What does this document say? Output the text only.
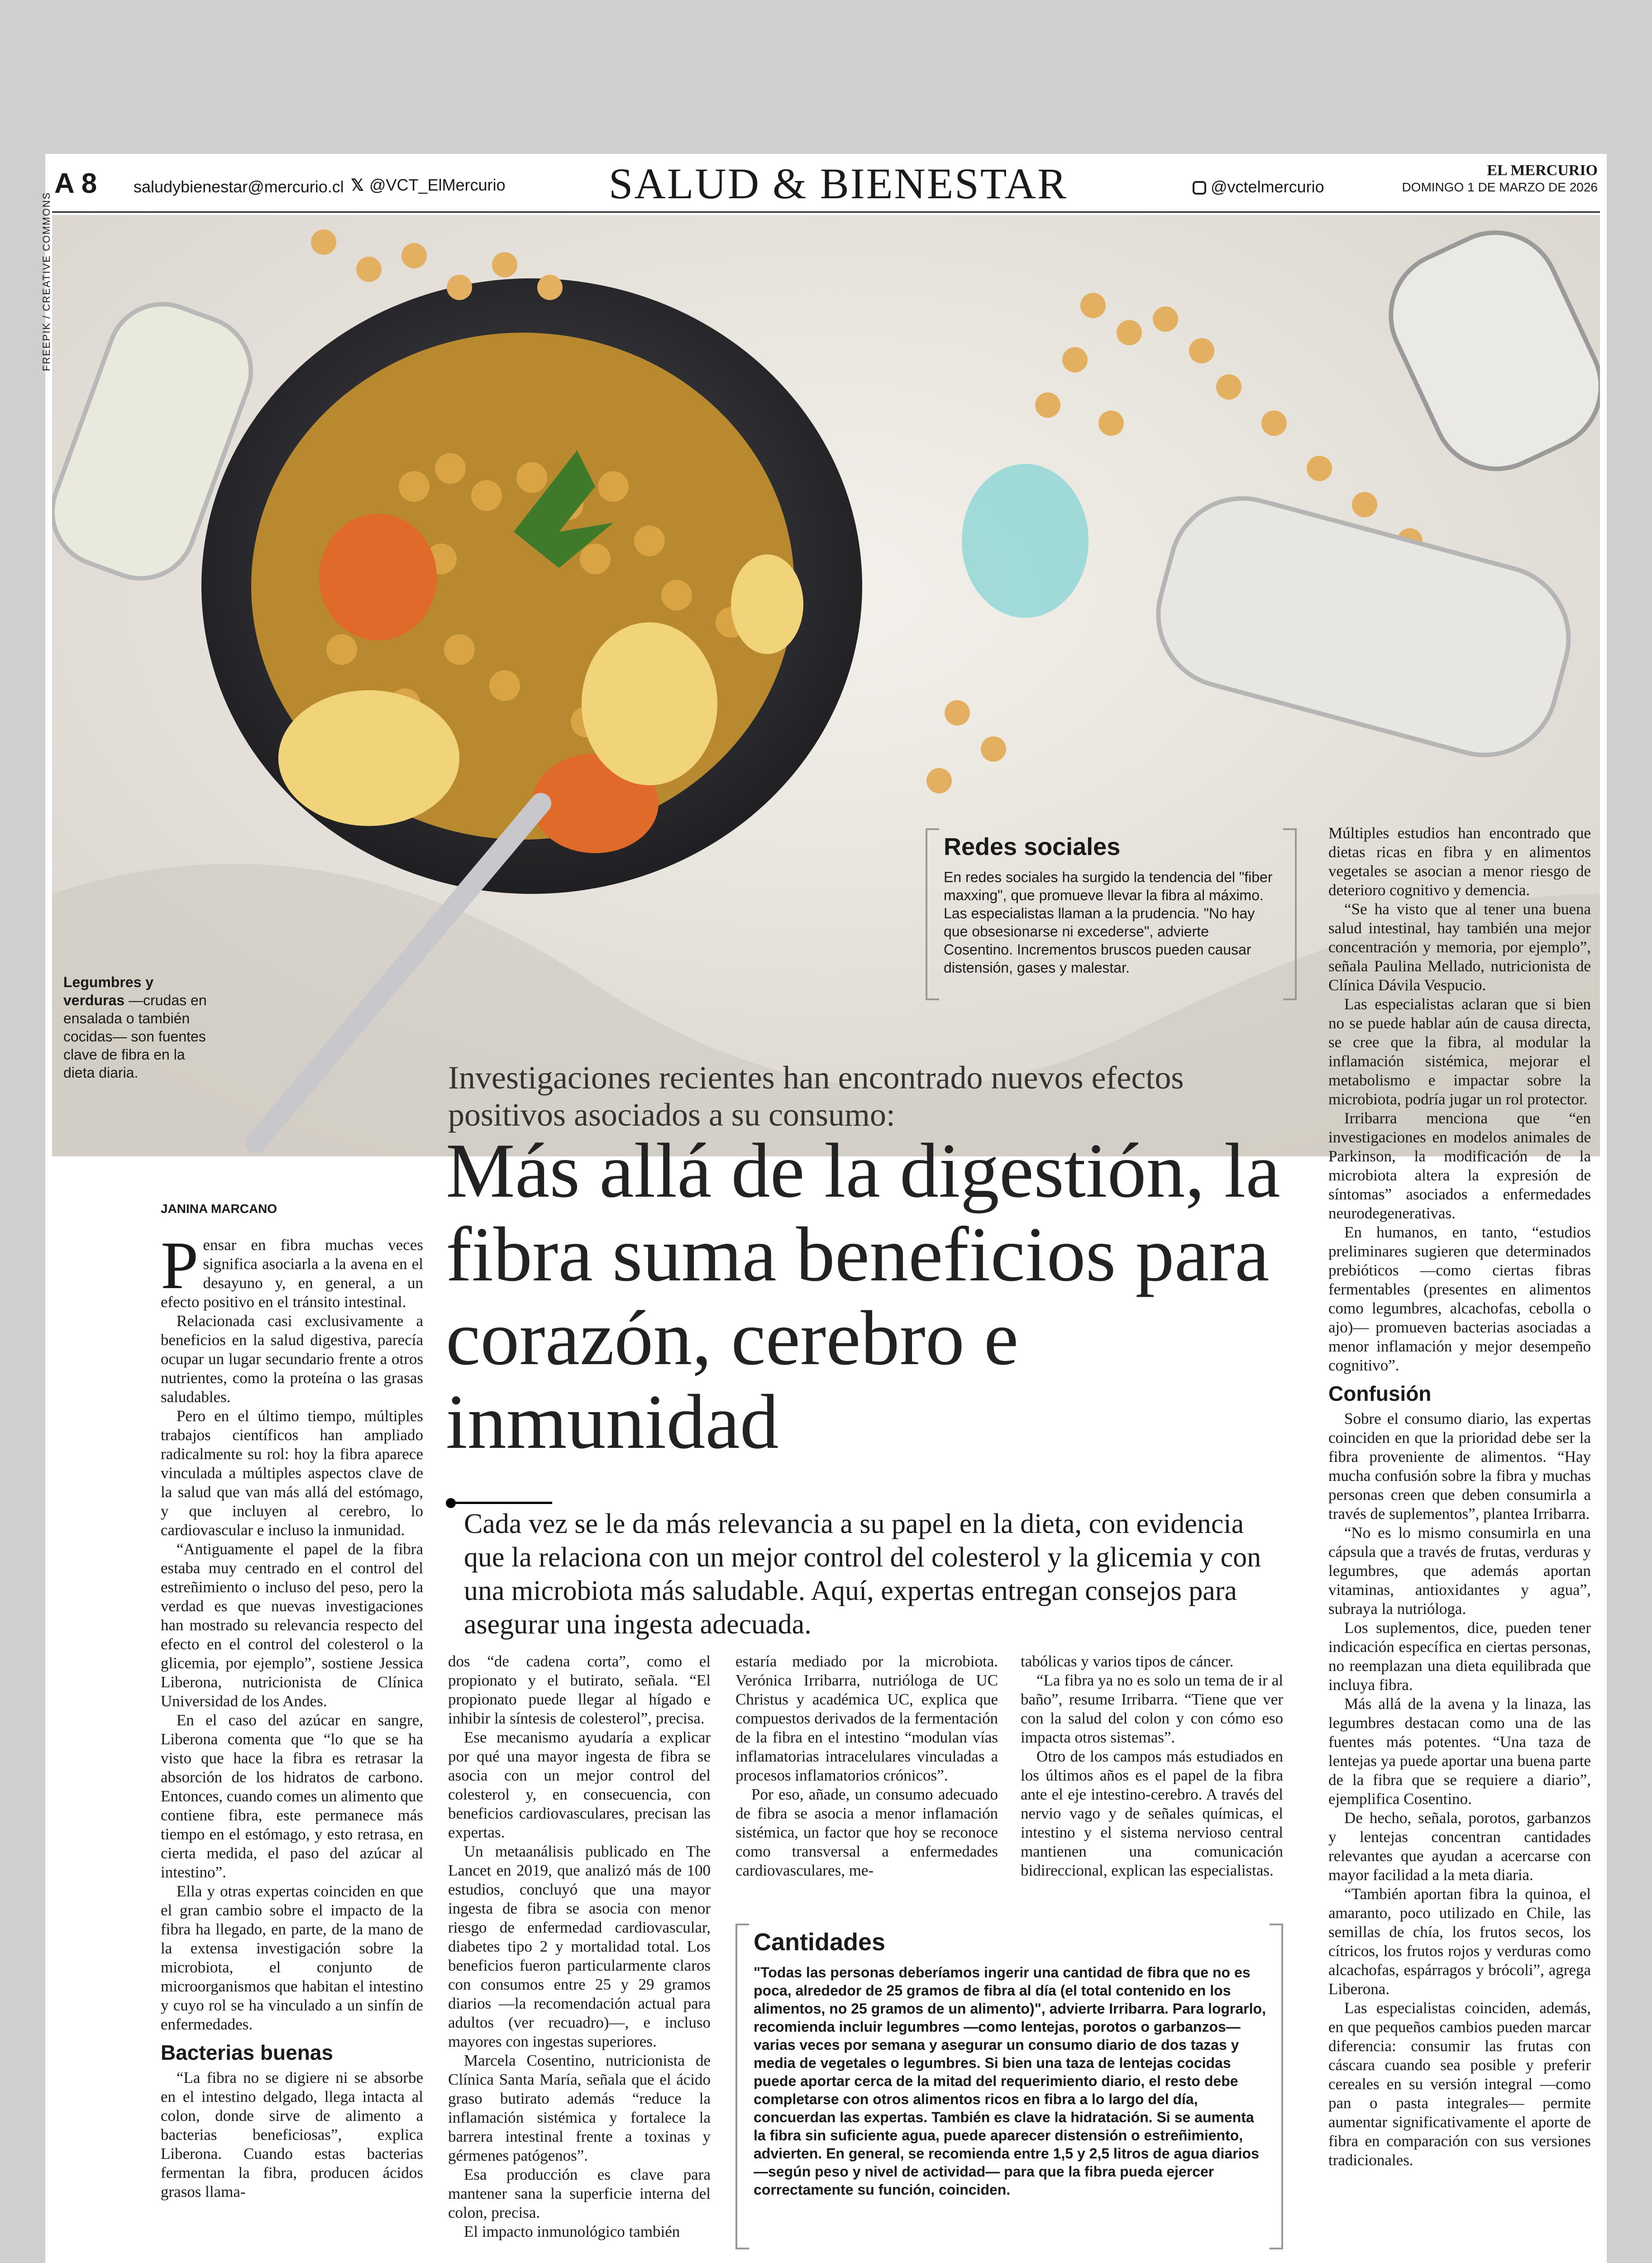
A 8 saludybienestar@mercurio.cl 𝕏 @VCT_ElMercurio SALUD & BIENESTAR	@vctelmercurio
EL MERCURIO
DOMINGO 1 DE MARZO DE 2026
FREEPIK / CREATIVE COMMONS
Legumbres y verduras —crudas en ensalada o también cocidas— son fuentes clave de fibra en la dieta diaria.
Redes sociales
En redes sociales ha surgido la tendencia del "fiber maxxing", que promueve llevar la fibra al máximo. Las especialistas llaman a la prudencia. "No hay que obsesionarse ni excederse", advierte Cosentino. Incrementos bruscos pueden causar distensión, gases y malestar.
Investigaciones recientes han encontrado nuevos efectos positivos asociados a su consumo:
Más allá de la digestión, la fibra suma beneficios para corazón, cerebro e inmunidad
Cada vez se le da más relevancia a su papel en la dieta, con evidencia que la relaciona con un mejor control del colesterol y la glicemia y con una microbiota más saludable. Aquí, expertas entregan consejos para asegurar una ingesta adecuada.
JANINA MARCANO

Pensar en fibra muchas veces significa asociarla a la avena en el desayuno y, en general, a un efecto positivo en el tránsito intestinal.

Relacionada casi exclusivamente a beneficios en la salud digestiva, parecía ocupar un lugar secundario frente a otros nutrientes, como la proteína o las grasas saludables.

Pero en el último tiempo, múltiples trabajos científicos han ampliado radicalmente su rol: hoy la fibra aparece vinculada a múltiples aspectos clave de la salud que van más allá del estómago, y que incluyen al cerebro, lo cardiovascular e incluso la inmunidad.

“Antiguamente el papel de la fibra estaba muy centrado en el control del estreñimiento o incluso del peso, pero la verdad es que nuevas investigaciones han mostrado su relevancia respecto del efecto en el control del colesterol o la glicemia, por ejemplo”, sostiene Jessica Liberona, nutricionista de Clínica Universidad de los Andes.

En el caso del azúcar en sangre, Liberona comenta que “lo que se ha visto que hace la fibra es retrasar la absorción de los hidratos de carbono. Entonces, cuando comes un alimento que contiene fibra, este permanece más tiempo en el estómago, y esto retrasa, en cierta medida, el paso del azúcar al intestino”.

Ella y otras expertas coinciden en que el gran cambio sobre el impacto de la fibra ha llegado, en parte, de la mano de la extensa investigación sobre la microbiota, el conjunto de microorganismos que habitan el intestino y cuyo rol se ha vinculado a un sinfín de enfermedades.

Bacterias buenas

“La fibra no se digiere ni se absorbe en el intestino delgado, llega intacta al colon, donde sirve de alimento a bacterias beneficiosas”, explica Liberona. Cuando estas bacterias fermentan la fibra, producen ácidos grasos llama-

dos “de cadena corta”, como el propionato y el butirato, señala. “El propionato puede llegar al hígado e inhibir la síntesis de colesterol”, precisa.

Ese mecanismo ayudaría a explicar por qué una mayor ingesta de fibra se asocia con un mejor control del colesterol y, en consecuencia, con beneficios cardiovasculares, precisan las expertas.

Un metaanálisis publicado en The Lancet en 2019, que analizó más de 100 estudios, concluyó que una mayor ingesta de fibra se asocia con menor riesgo de enfermedad cardiovascular, diabetes tipo 2 y mortalidad total. Los beneficios fueron particularmente claros con consumos entre 25 y 29 gramos diarios —la recomendación actual para adultos (ver recuadro)—, e incluso mayores con ingestas superiores.

Marcela Cosentino, nutricionista de Clínica Santa María, señala que el ácido graso butirato además “reduce la inflamación sistémica y fortalece la barrera intestinal frente a toxinas y gérmenes patógenos”.

Esa producción es clave para mantener sana la superficie interna del colon, precisa.

El impacto inmunológico también

estaría mediado por la microbiota. Verónica Irribarra, nutrióloga de UC Christus y académica UC, explica que compuestos derivados de la fermentación de la fibra en el intestino “modulan vías inflamatorias intracelulares vinculadas a procesos inflamatorios crónicos”.

Por eso, añade, un consumo adecuado de fibra se asocia a menor inflamación sistémica, un factor que hoy se reconoce como transversal a enfermedades cardiovasculares, me-

tabólicas y varios tipos de cáncer.

“La fibra ya no es solo un tema de ir al baño”, resume Irribarra. “Tiene que ver con la salud del colon y con cómo eso impacta otros sistemas”.

Otro de los campos más estudiados en los últimos años es el papel de la fibra ante el eje intestino-cerebro. A través del nervio vago y de señales químicas, el intestino y el sistema nervioso central mantienen una comunicación bidireccional, explican las especialistas.

Cantidades
"Todas las personas deberíamos ingerir una cantidad de fibra que no es poca, alrededor de 25 gramos de fibra al día (el total contenido en los alimentos, no 25 gramos de un alimento)", advierte Irribarra. Para lograrlo, recomienda incluir legumbres —como lentejas, porotos o garbanzos— varias veces por semana y asegurar un consumo diario de dos tazas y media de vegetales o legumbres. Si bien una taza de lentejas cocidas puede aportar cerca de la mitad del requerimiento diario, el resto debe completarse con otros alimentos ricos en fibra a lo largo del día, concuerdan las expertas. También es clave la hidratación. Si se aumenta la fibra sin suficiente agua, puede aparecer distensión o estreñimiento, advierten. En general, se recomienda entre 1,5 y 2,5 litros de agua diarios —según peso y nivel de actividad— para que la fibra pueda ejercer correctamente su función, coinciden.

Múltiples estudios han encontrado que dietas ricas en fibra y en alimentos vegetales se asocian a menor riesgo de deterioro cognitivo y demencia.

“Se ha visto que al tener una buena salud intestinal, hay también una mejor concentración y memoria, por ejemplo”, señala Paulina Mellado, nutricionista de Clínica Dávila Vespucio.

Las especialistas aclaran que si bien no se puede hablar aún de causa directa, se cree que la fibra, al modular la inflamación sistémica, mejorar el metabolismo e impactar sobre la microbiota, podría jugar un rol protector.

Irribarra menciona que “en investigaciones en modelos animales de Parkinson, la modificación de la microbiota altera la expresión de síntomas” asociados a enfermedades neurodegenerativas.

En humanos, en tanto, “estudios preliminares sugieren que determinados prebióticos —como ciertas fibras fermentables (presentes en alimentos como legumbres, alcachofas, cebolla o ajo)— promueven bacterias asociadas a menor inflamación y mejor desempeño cognitivo”.

Confusión

Sobre el consumo diario, las expertas coinciden en que la prioridad debe ser la fibra proveniente de alimentos. “Hay mucha confusión sobre la fibra y muchas personas creen que deben consumirla a través de suplementos”, plantea Irribarra.

“No es lo mismo consumirla en una cápsula que a través de frutas, verduras y legumbres, que además aportan vitaminas, antioxidantes y agua”, subraya la nutrióloga.

Los suplementos, dice, pueden tener indicación específica en ciertas personas, no reemplazan una dieta equilibrada que incluya fibra.

Más allá de la avena y la linaza, las legumbres destacan como una de las fuentes más potentes. “Una taza de lentejas ya puede aportar una buena parte de la fibra que se requiere a diario”, ejemplifica Cosentino.

De hecho, señala, porotos, garbanzos y lentejas concentran cantidades relevantes que ayudan a acercarse con mayor facilidad a la meta diaria.

“También aportan fibra la quinoa, el amaranto, poco utilizado en Chile, las semillas de chía, los frutos secos, los cítricos, los frutos rojos y verduras como alcachofas, espárragos y brócoli”, agrega Liberona.

Las especialistas coinciden, además, en que pequeños cambios pueden marcar diferencia: consumir las frutas con cáscara cuando sea posible y preferir cereales en su versión integral —como pan o pasta integrales— permite aumentar significativamente el aporte de fibra en comparación con sus versiones tradicionales.
